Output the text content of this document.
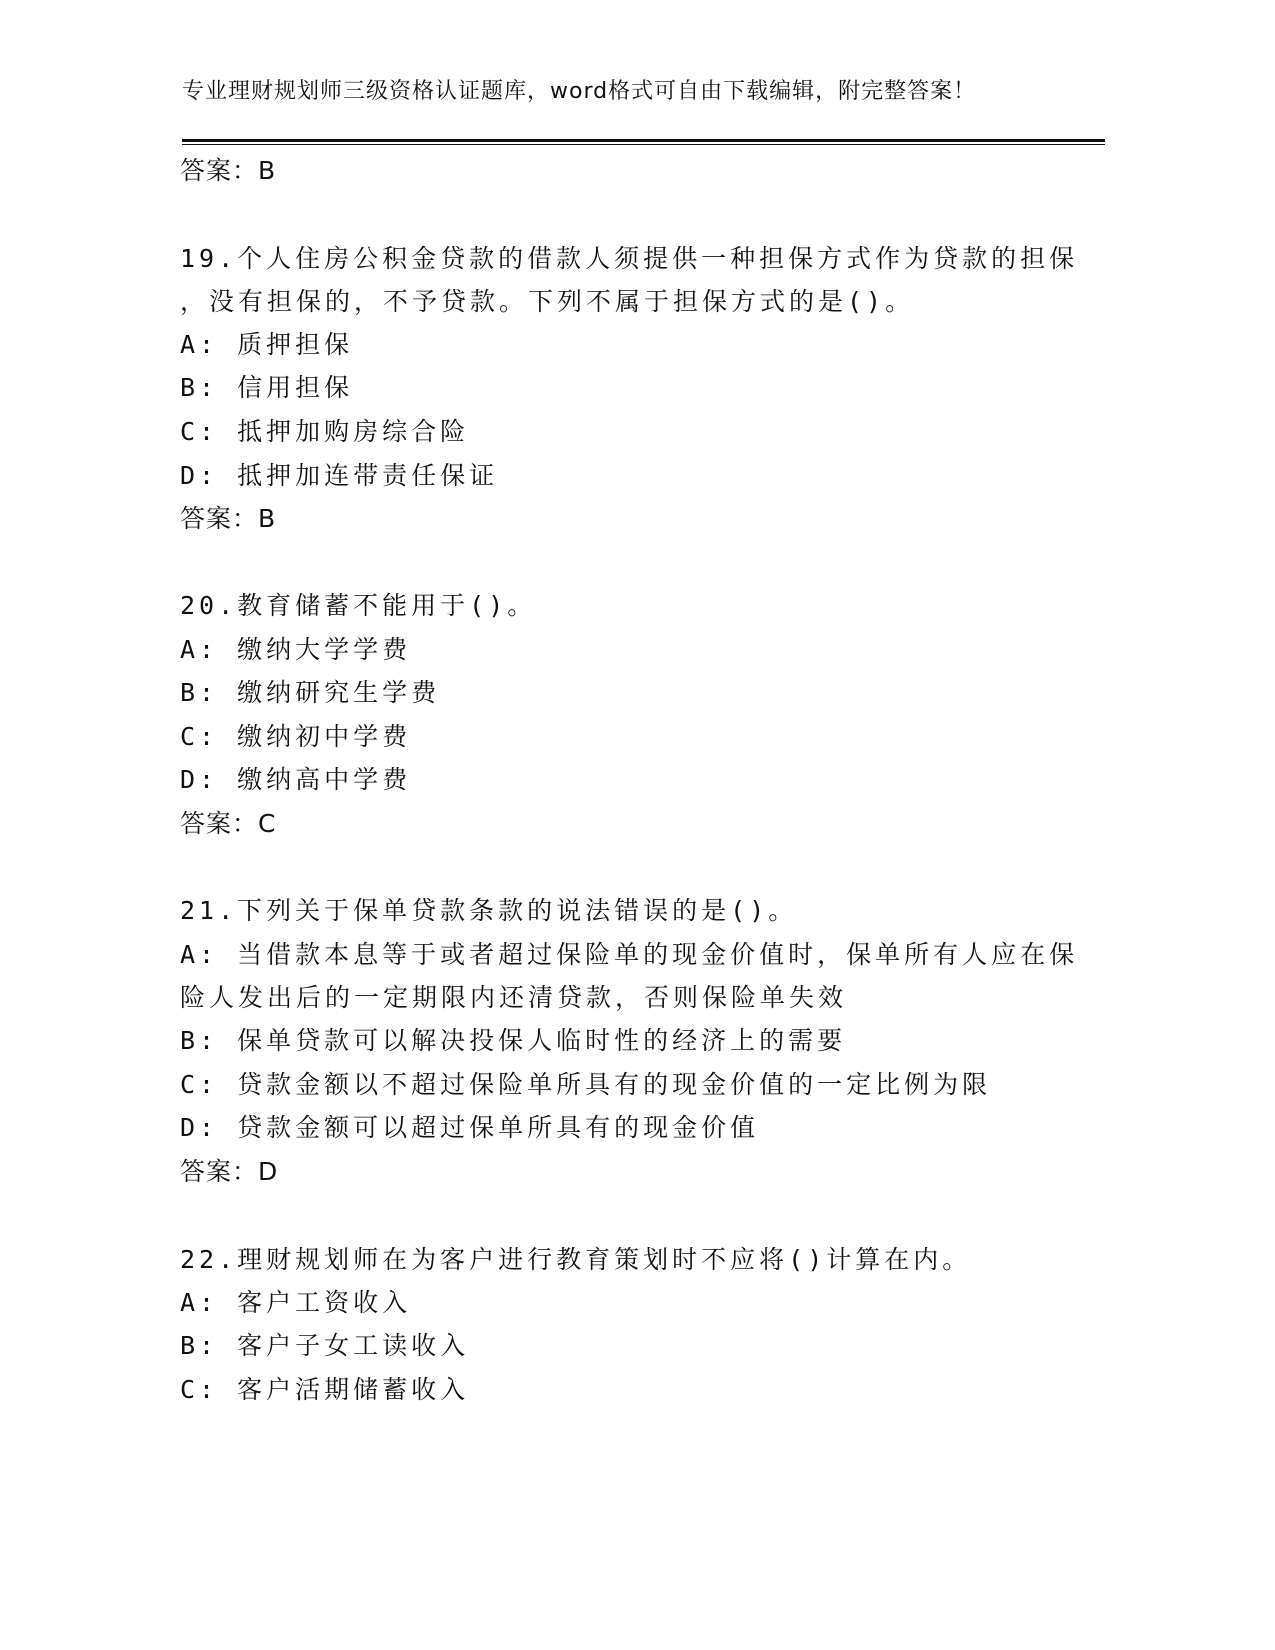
专业理财规划师三级资格认证题库，word格式可自由下载编辑，附完整答案！
答案：B
19.个人住房公积金贷款的借款人须提供一种担保方式作为贷款的担保
，没有担保的，不予贷款。下列不属于担保方式的是()。
A: 质押担保
B: 信用担保
C: 抵押加购房综合险
D: 抵押加连带责任保证
答案：B
20.教育储蓄不能用于()。
A: 缴纳大学学费
B: 缴纳研究生学费
C: 缴纳初中学费
D: 缴纳高中学费
答案：C
21.下列关于保单贷款条款的说法错误的是()。
A: 当借款本息等于或者超过保险单的现金价值时，保单所有人应在保
险人发出后的一定期限内还清贷款，否则保险单失效
B: 保单贷款可以解决投保人临时性的经济上的需要
C: 贷款金额以不超过保险单所具有的现金价值的一定比例为限
D: 贷款金额可以超过保单所具有的现金价值
答案：D
22.理财规划师在为客户进行教育策划时不应将()计算在内。
A: 客户工资收入
B: 客户子女工读收入
C: 客户活期储蓄收入
